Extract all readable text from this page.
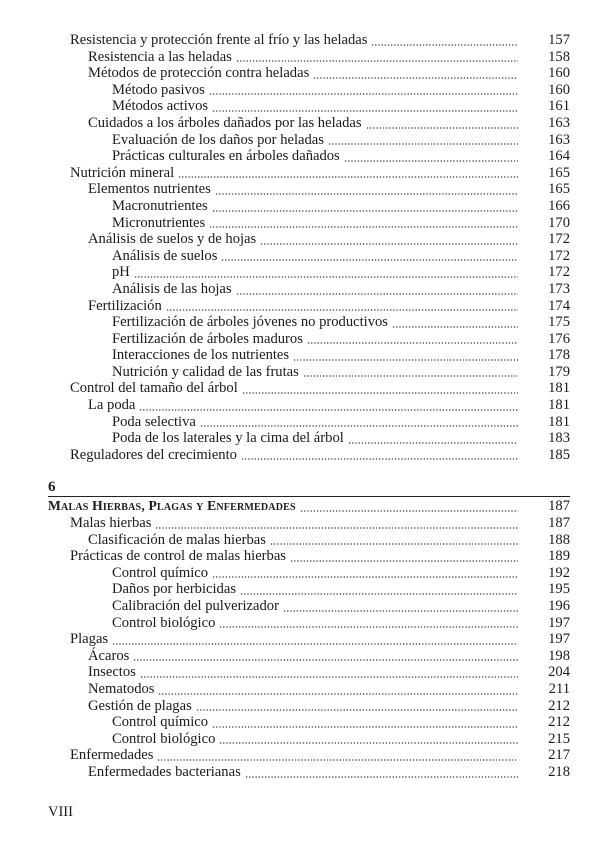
Resistencia y protección frente al frío y las heladas	157
Resistencia a las heladas	158
Métodos de protección contra heladas	160
Método pasivos	160
Métodos activos	161
Cuidados a los árboles dañados por las heladas	163
Evaluación de los daños por heladas	163
Prácticas culturales en árboles dañados	164
Nutrición mineral	165
Elementos nutrientes	165
Macronutrientes	166
Micronutrientes	170
Análisis de suelos y de hojas	172
Análisis de suelos	172
pH	172
Análisis de las hojas	173
Fertilización	174
Fertilización de árboles jóvenes no productivos	175
Fertilización de árboles maduros	176
Interacciones de los nutrientes	178
Nutrición y calidad de las frutas	179
Control del tamaño del árbol	181
La poda	181
Poda selectiva	181
Poda de los laterales y la cima del árbol	183
Reguladores del crecimiento	185
6
Malas Hierbas, Plagas y Enfermedades	187
Malas hierbas	187
Clasificación de malas hierbas	188
Prácticas de control de malas hierbas	189
Control químico	192
Daños por herbicidas	195
Calibración del pulverizador	196
Control biológico	197
Plagas	197
Ácaros	198
Insectos	204
Nematodos	211
Gestión de plagas	212
Control químico	212
Control biológico	215
Enfermedades	217
Enfermedades bacterianas	218
VIII
